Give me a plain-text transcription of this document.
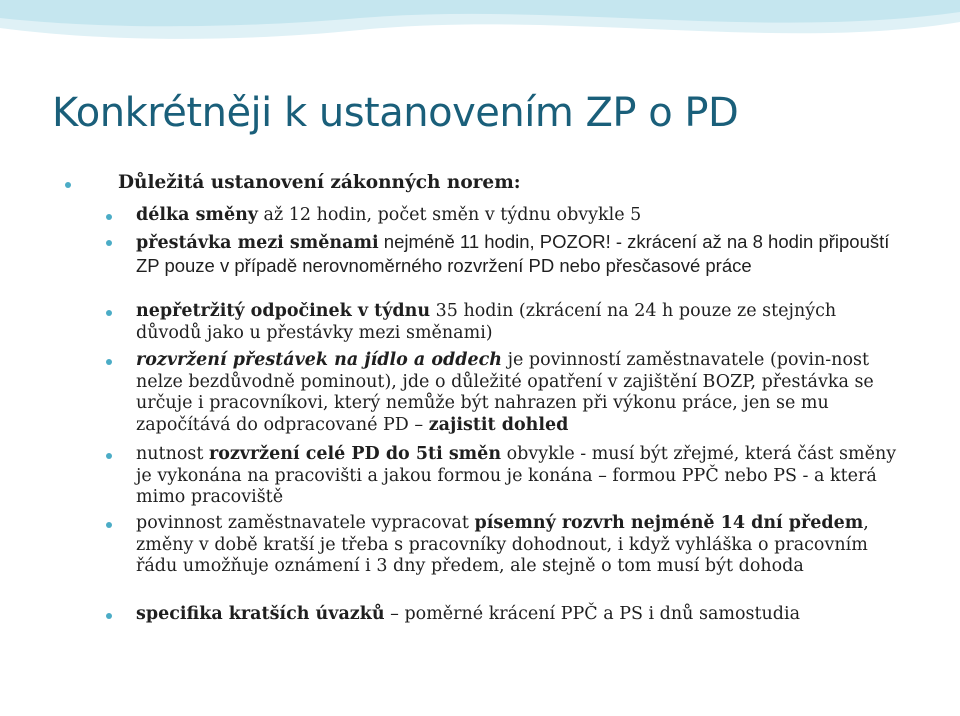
Konkrétněji k ustanovením ZP o PD
Důležitá ustanovení zákonných norem:
délka směny až 12 hodin, počet směn v týdnu obvykle 5
přestávka mezi směnami nejméně 11 hodin, POZOR! ‑ zkrácení až na 8 hodin připouští ZP pouze v případě nerovnoměrného rozvržení PD nebo přesčasové práce
nepřetržitý odpočinek v týdnu 35 hodin (zkrácení na 24 h pouze ze stejných důvodů jako u přestávky mezi směnami)
rozvržení přestávek na jídlo a oddech je povinností zaměstnavatele (povin-nost nelze bezdůvodně pominout), jde o důležité opatření v zajištění BOZP, přestávka se určuje i pracovníkovi, který nemůže být nahrazen při výkonu práce, jen se mu započítává do odpracované PD – zajistit dohled
nutnost rozvržení celé PD do 5ti směn obvykle ‑ musí být zřejmé, která část směny je vykonána na pracovišti a jakou formou je konána – formou PPČ nebo PS ‑ a která mimo pracoviště
povinnost zaměstnavatele vypracovat písemný rozvrh nejméně 14 dní předem, změny v době kratší je třeba s pracovníky dohodnout, i když vyhláška o pracovním řádu umožňuje oznámení i 3 dny předem, ale stejně o tom musí být dohoda
specifika kratších úvazků – poměrné krácení PPČ a PS i dnů samostudia
